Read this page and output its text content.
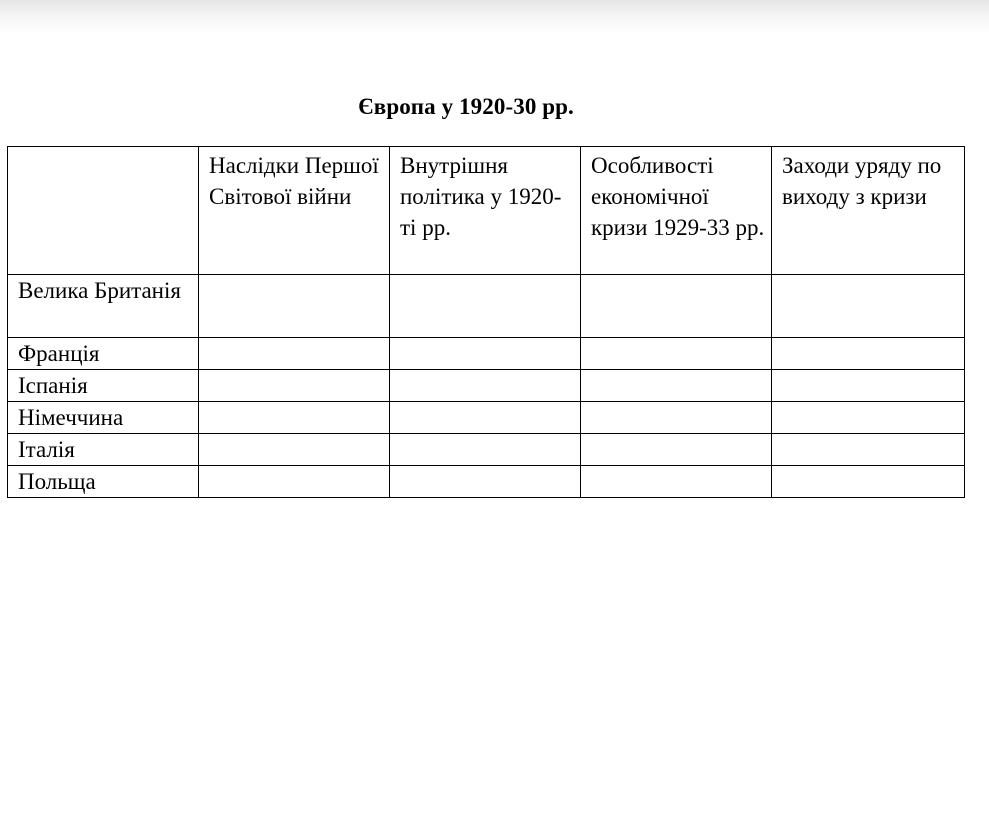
Європа у 1920-30 рр.
	Наслідки Першої Світової війни	Внутрішня політика у 1920-ті рр.	Особливості економічної кризи 1929-33 рр.	Заходи уряду по виходу з кризи
Велика Британія				
Франція				
Іспанія				
Німеччина				
Італія				
Польща				
